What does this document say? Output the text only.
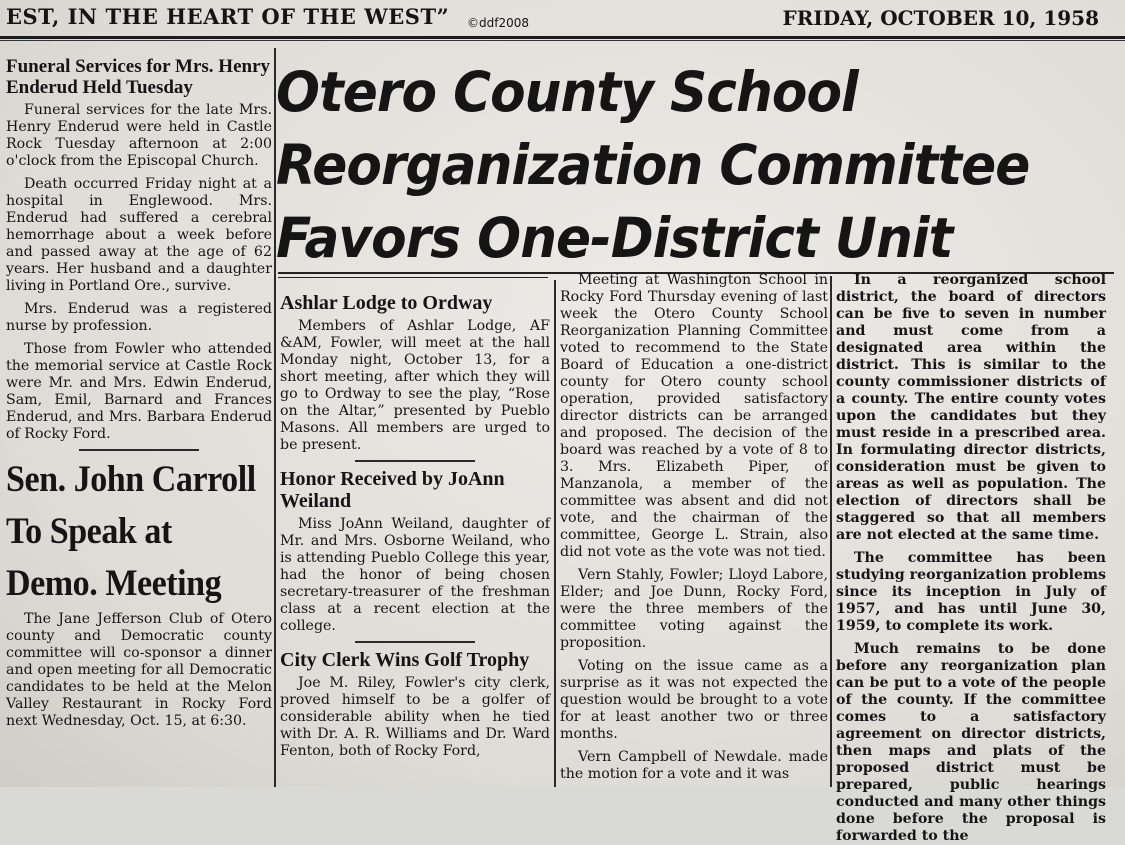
EST, IN THE HEART OF THE WEST” ©ddf2008	FRIDAY, OCTOBER 10, 1958
Funeral Services for Mrs. Henry Enderud Held Tuesday

Funeral services for the late Mrs. Henry Enderud were held in Castle Rock Tuesday afternoon at 2:00 o'clock from the Episcopal Church.

Death occurred Friday night at a hospital in Englewood. Mrs. Enderud had suffered a cerebral hemorrhage about a week before and passed away at the age of 62 years. Her husband and a daughter living in Portland Ore., survive.

Mrs. Enderud was a registered nurse by profession.

Those from Fowler who attended the memorial service at Castle Rock were Mr. and Mrs. Edwin Enderud, Sam, Emil, Barnard and Frances Enderud, and Mrs. Barbara Enderud of Rocky Ford.

Sen. John Carroll
To Speak at
Demo. Meeting

The Jane Jefferson Club of Otero county and Democratic county committee will co-sponsor a dinner and open meeting for all Democratic candidates to be held at the Melon Valley Restaurant in Rocky Ford next Wednesday, Oct. 15, at 6:30.

Otero County School
Reorganization Committee
Favors One-District Unit
Ashlar Lodge to Ordway

Members of Ashlar Lodge, AF &AM, Fowler, will meet at the hall Monday night, October 13, for a short meeting, after which they will go to Ordway to see the play, “Rose on the Altar,” presented by Pueblo Masons. All members are urged to be present.

Honor Received by JoAnn Weiland

Miss JoAnn Weiland, daughter of Mr. and Mrs. Osborne Weiland, who is attending Pueblo College this year, had the honor of being chosen secretary-treasurer of the freshman class at a recent election at the college.

City Clerk Wins Golf Trophy

Joe M. Riley, Fowler's city clerk, proved himself to be a golfer of considerable ability when he tied with Dr. A. R. Williams and Dr. Ward Fenton, both of Rocky Ford,

Meeting at Washington School in Rocky Ford Thursday evening of last week the Otero County School Reorganization Planning Committee voted to recommend to the State Board of Education a one-district county for Otero county school operation, provided satisfactory director districts can be arranged and proposed. The decision of the board was reached by a vote of 8 to 3. Mrs. Elizabeth Piper, of Manzanola, a member of the committee was absent and did not vote, and the chairman of the committee, George L. Strain, also did not vote as the vote was not tied.

Vern Stahly, Fowler; Lloyd Labore, Elder; and Joe Dunn, Rocky Ford, were the three members of the committee voting against the proposition.

Voting on the issue came as a surprise as it was not expected the question would be brought to a vote for at least another two or three months.

Vern Campbell of Newdale. made the motion for a vote and it was

In a reorganized school district, the board of directors can be five to seven in number and must come from a designated area within the district. This is similar to the county commissioner districts of a county. The entire county votes upon the candidates but they must reside in a prescribed area. In formulating director districts, consideration must be given to areas as well as population. The election of directors shall be staggered so that all members are not elected at the same time.

The committee has been studying reorganization problems since its inception in July of 1957, and has until June 30, 1959, to complete its work.

Much remains to be done before any reorganization plan can be put to a vote of the people of the county. If the committee comes to a satisfactory agreement on director districts, then maps and plats of the proposed district must be prepared, public hearings conducted and many other things done before the proposal is forwarded to the
